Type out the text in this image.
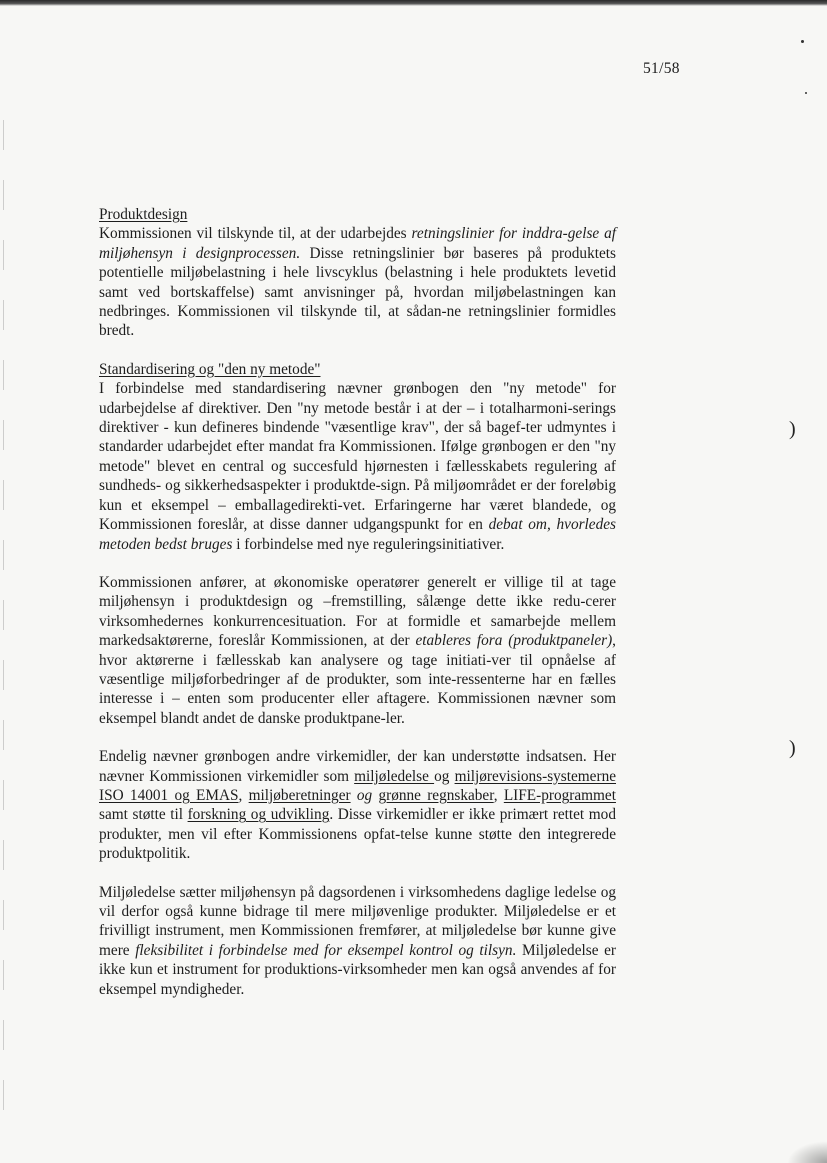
51/58
)
)
Produktdesign

Kommissionen vil tilskynde til, at der udarbejdes retningslinier for inddra-gelse af miljøhensyn i designprocessen. Disse retningslinier bør baseres på produktets potentielle miljøbelastning i hele livscyklus (belastning i hele produktets levetid samt ved bortskaffelse) samt anvisninger på, hvordan miljøbelastningen kan nedbringes. Kommissionen vil tilskynde til, at sådan-ne retningslinier formidles bredt.

Standardisering og "den ny metode"

I forbindelse med standardisering nævner grønbogen den "ny metode" for udarbejdelse af direktiver. Den "ny metode består i at der – i totalharmoni-serings direktiver - kun defineres bindende "væsentlige krav", der så bagef-ter udmyntes i standarder udarbejdet efter mandat fra Kommissionen. Ifølge grønbogen er den "ny metode" blevet en central og succesfuld hjørnesten i fællesskabets regulering af sundheds- og sikkerhedsaspekter i produktde-sign. På miljøområdet er der foreløbig kun et eksempel – emballagedirekti-vet. Erfaringerne har været blandede, og Kommissionen foreslår, at disse danner udgangspunkt for en debat om, hvorledes metoden bedst bruges i forbindelse med nye reguleringsinitiativer.

Kommissionen anfører, at økonomiske operatører generelt er villige til at tage miljøhensyn i produktdesign og –fremstilling, sålænge dette ikke redu-cerer virksomhedernes konkurrencesituation. For at formidle et samarbejde mellem markedsaktørerne, foreslår Kommissionen, at der etableres fora (produktpaneler), hvor aktørerne i fællesskab kan analysere og tage initiati-ver til opnåelse af væsentlige miljøforbedringer af de produkter, som inte-ressenterne har en fælles interesse i – enten som producenter eller aftagere. Kommissionen nævner som eksempel blandt andet de danske produktpane-ler.

Endelig nævner grønbogen andre virkemidler, der kan understøtte indsatsen. Her nævner Kommissionen virkemidler som miljøledelse og miljørevisions-systemerne ISO 14001 og EMAS, miljøberetninger og grønne regnskaber, LIFE-programmet samt støtte til forskning og udvikling. Disse virkemidler er ikke primært rettet mod produkter, men vil efter Kommissionens opfat-telse kunne støtte den integrerede produktpolitik.

Miljøledelse sætter miljøhensyn på dagsordenen i virksomhedens daglige ledelse og vil derfor også kunne bidrage til mere miljøvenlige produkter. Miljøledelse er et frivilligt instrument, men Kommissionen fremfører, at miljøledelse bør kunne give mere fleksibilitet i forbindelse med for eksempel kontrol og tilsyn. Miljøledelse er ikke kun et instrument for produktions-virksomheder men kan også anvendes af for eksempel myndigheder.
